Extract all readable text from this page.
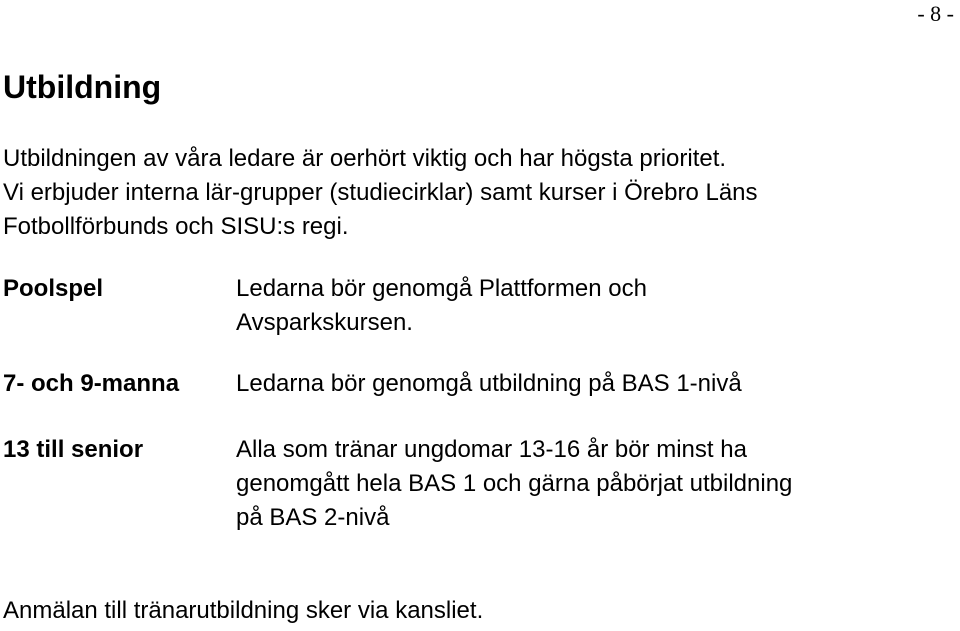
- 8 -
Utbildning
Utbildningen av våra ledare är oerhört viktig och har högsta prioritet.
Vi erbjuder interna lär-grupper (studiecirklar) samt kurser i Örebro Läns
Fotbollförbunds och SISU:s regi.
Poolspel	Ledarna bör genomgå Plattformen och
Avsparkskursen.
7- och 9-manna Ledarna bör genomgå utbildning på BAS 1-nivå
13 till senior	Alla som tränar ungdomar 13-16 år bör minst ha
genomgått hela BAS 1 och gärna påbörjat utbildning
på BAS 2-nivå

Anmälan till tränarutbildning sker via kansliet.
